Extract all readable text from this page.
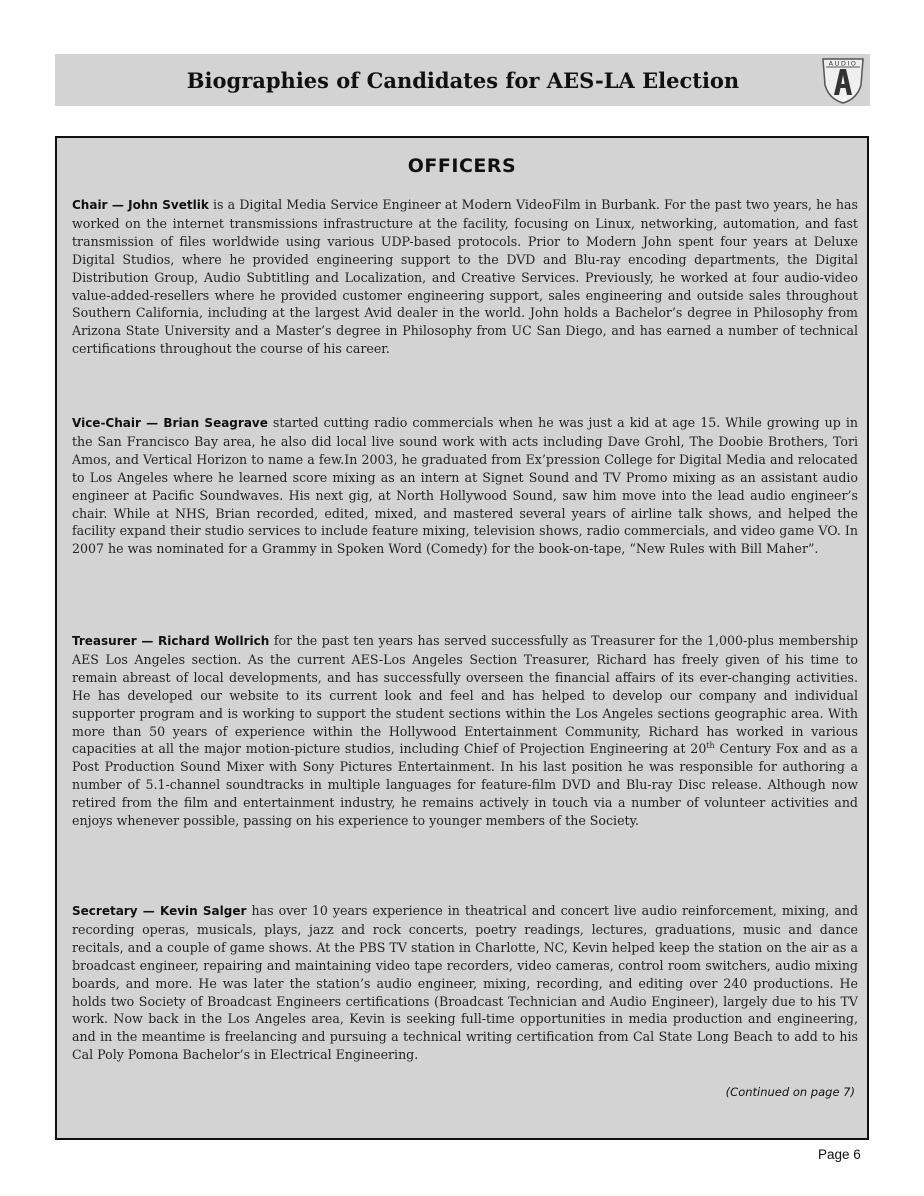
Biographies of Candidates for AES-LA Election
AUDIO
ES
OFFICERS

Chair — John Svetlik is a Digital Media Service Engineer at Modern VideoFilm in Burbank. For the past two years, he has worked on the internet transmissions infrastructure at the facility, focusing on Linux, networking, automation, and fast transmission of files worldwide using various UDP-based protocols. Prior to Modern John spent four years at Deluxe Digital Studios, where he provided engineering support to the DVD and Blu-ray encoding departments, the Digital Distribution Group, Audio Subtitling and Localization, and Creative Services. Previously, he worked at four audio-video value-added-resellers where he provided customer engineering support, sales engineering and outside sales throughout Southern California, including at the largest Avid dealer in the world. John holds a Bachelor’s degree in Philosophy from Arizona State University and a Master’s degree in Philosophy from UC San Diego, and has earned a number of technical certifications throughout the course of his career.

Vice-Chair — Brian Seagrave started cutting radio commercials when he was just a kid at age 15. While growing up in the San Francisco Bay area, he also did local live sound work with acts including Dave Grohl, The Doobie Brothers, Tori Amos, and Vertical Horizon to name a few.In 2003, he graduated from Ex’pression College for Digital Media and relocated to Los Angeles where he learned score mixing as an intern at Signet Sound and TV Promo mixing as an assistant audio engineer at Pacific Soundwaves. His next gig, at North Hollywood Sound, saw him move into the lead audio engineer’s chair. While at NHS, Brian recorded, edited, mixed, and mastered several years of airline talk shows, and helped the facility expand their studio services to include feature mixing, television shows, radio commercials, and video game VO. In 2007 he was nominated for a Grammy in Spoken Word (Comedy) for the book-on-tape, “New Rules with Bill Maher”.

Treasurer — Richard Wollrich for the past ten years has served successfully as Treasurer for the 1,000-plus membership AES Los Angeles section. As the current AES-Los Angeles Section Treasurer, Richard has freely given of his time to remain abreast of local developments, and has successfully overseen the financial affairs of its ever-changing activities. He has developed our website to its current look and feel and has helped to develop our company and individual supporter program and is working to support the student sections within the Los Angeles sections geographic area. With more than 50 years of experience within the Hollywood Entertainment Community, Richard has worked in various capacities at all the major motion-picture studios, including Chief of Projection Engineering at 20th Century Fox and as a Post Production Sound Mixer with Sony Pictures Entertainment. In his last position he was responsible for authoring a number of 5.1-channel soundtracks in multiple languages for feature-film DVD and Blu-ray Disc release. Although now retired from the film and entertainment industry, he remains actively in touch via a number of volunteer activities and enjoys whenever possible, passing on his experience to younger members of the Society.

Secretary — Kevin Salger has over 10 years experience in theatrical and concert live audio reinforcement, mixing, and recording operas, musicals, plays, jazz and rock concerts, poetry readings, lectures, graduations, music and dance recitals, and a couple of game shows. At the PBS TV station in Charlotte, NC, Kevin helped keep the station on the air as a broadcast engineer, repairing and maintaining video tape recorders, video cameras, control room switchers, audio mixing boards, and more. He was later the station’s audio engineer, mixing, recording, and editing over 240 productions. He holds two Society of Broadcast Engineers certifications (Broadcast Technician and Audio Engineer), largely due to his TV work. Now back in the Los Angeles area, Kevin is seeking full-time opportunities in media production and engineering, and in the meantime is freelancing and pursuing a technical writing certification from Cal State Long Beach to add to his Cal Poly Pomona Bachelor’s in Electrical Engineering.

(Continued on page 7)
Page 6
